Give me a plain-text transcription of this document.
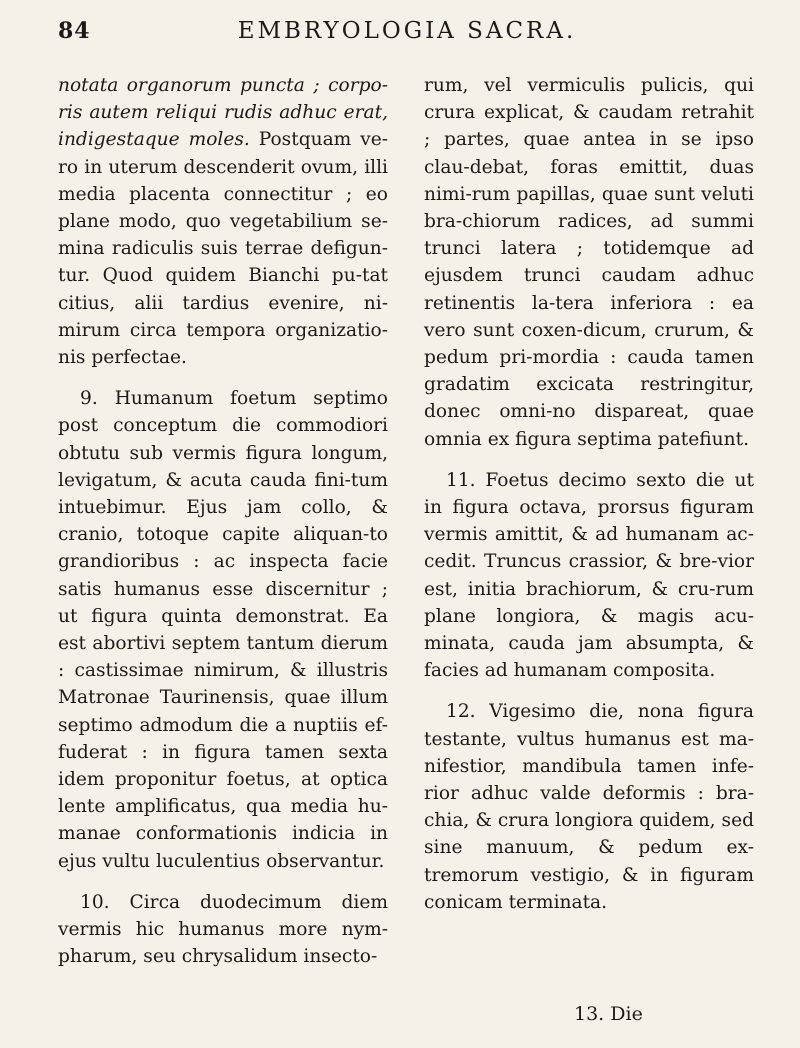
84	EMBRYOLOGIA SACRA.

notata organorum puncta ; corpo-ris autem reliqui rudis adhuc erat, indigestaque moles. Postquam ve-ro in uterum descenderit ovum, illi media placenta connectitur ; eo plane modo, quo vegetabilium se-mina radiculis suis terrae defigun-tur. Quod quidem Bianchi pu-tat citius, alii tardius evenire, ni-mirum circa tempora organizatio-nis perfectae.

9. Humanum foetum septimo post conceptum die commodiori obtutu sub vermis figura longum, levigatum, & acuta cauda fini-tum intuebimur. Ejus jam collo, & cranio, totoque capite aliquan-to grandioribus : ac inspecta facie satis humanus esse discernitur ; ut figura quinta demonstrat. Ea est abortivi septem tantum dierum : castissimae nimirum, & illustris Matronae Taurinensis, quae illum septimo admodum die a nuptiis ef-fuderat : in figura tamen sexta idem proponitur foetus, at optica lente amplificatus, qua media hu-manae conformationis indicia in ejus vultu luculentius observantur.

10. Circa duodecimum diem vermis hic humanus more nym-pharum, seu chrysalidum insecto-

rum, vel vermiculis pulicis, qui crura explicat, & caudam retrahit ; partes, quae antea in se ipso clau-debat, foras emittit, duas nimi-rum papillas, quae sunt veluti bra-chiorum radices, ad summi trunci latera ; totidemque ad ejusdem trunci caudam adhuc retinentis la-tera inferiora : ea vero sunt coxen-dicum, crurum, & pedum pri-mordia : cauda tamen gradatim excicata restringitur, donec omni-no dispareat, quae omnia ex figura septima patefiunt.

11. Foetus decimo sexto die ut in figura octava, prorsus figuram vermis amittit, & ad humanam ac-cedit. Truncus crassior, & bre-vior est, initia brachiorum, & cru-rum plane longiora, & magis acu-minata, cauda jam absumpta, & facies ad humanam composita.

12. Vigesimo die, nona figura testante, vultus humanus est ma-nifestior, mandibula tamen infe-rior adhuc valde deformis : bra-chia, & crura longiora quidem, sed sine manuum, & pedum ex-tremorum vestigio, & in figuram conicam terminata.

13. Die
